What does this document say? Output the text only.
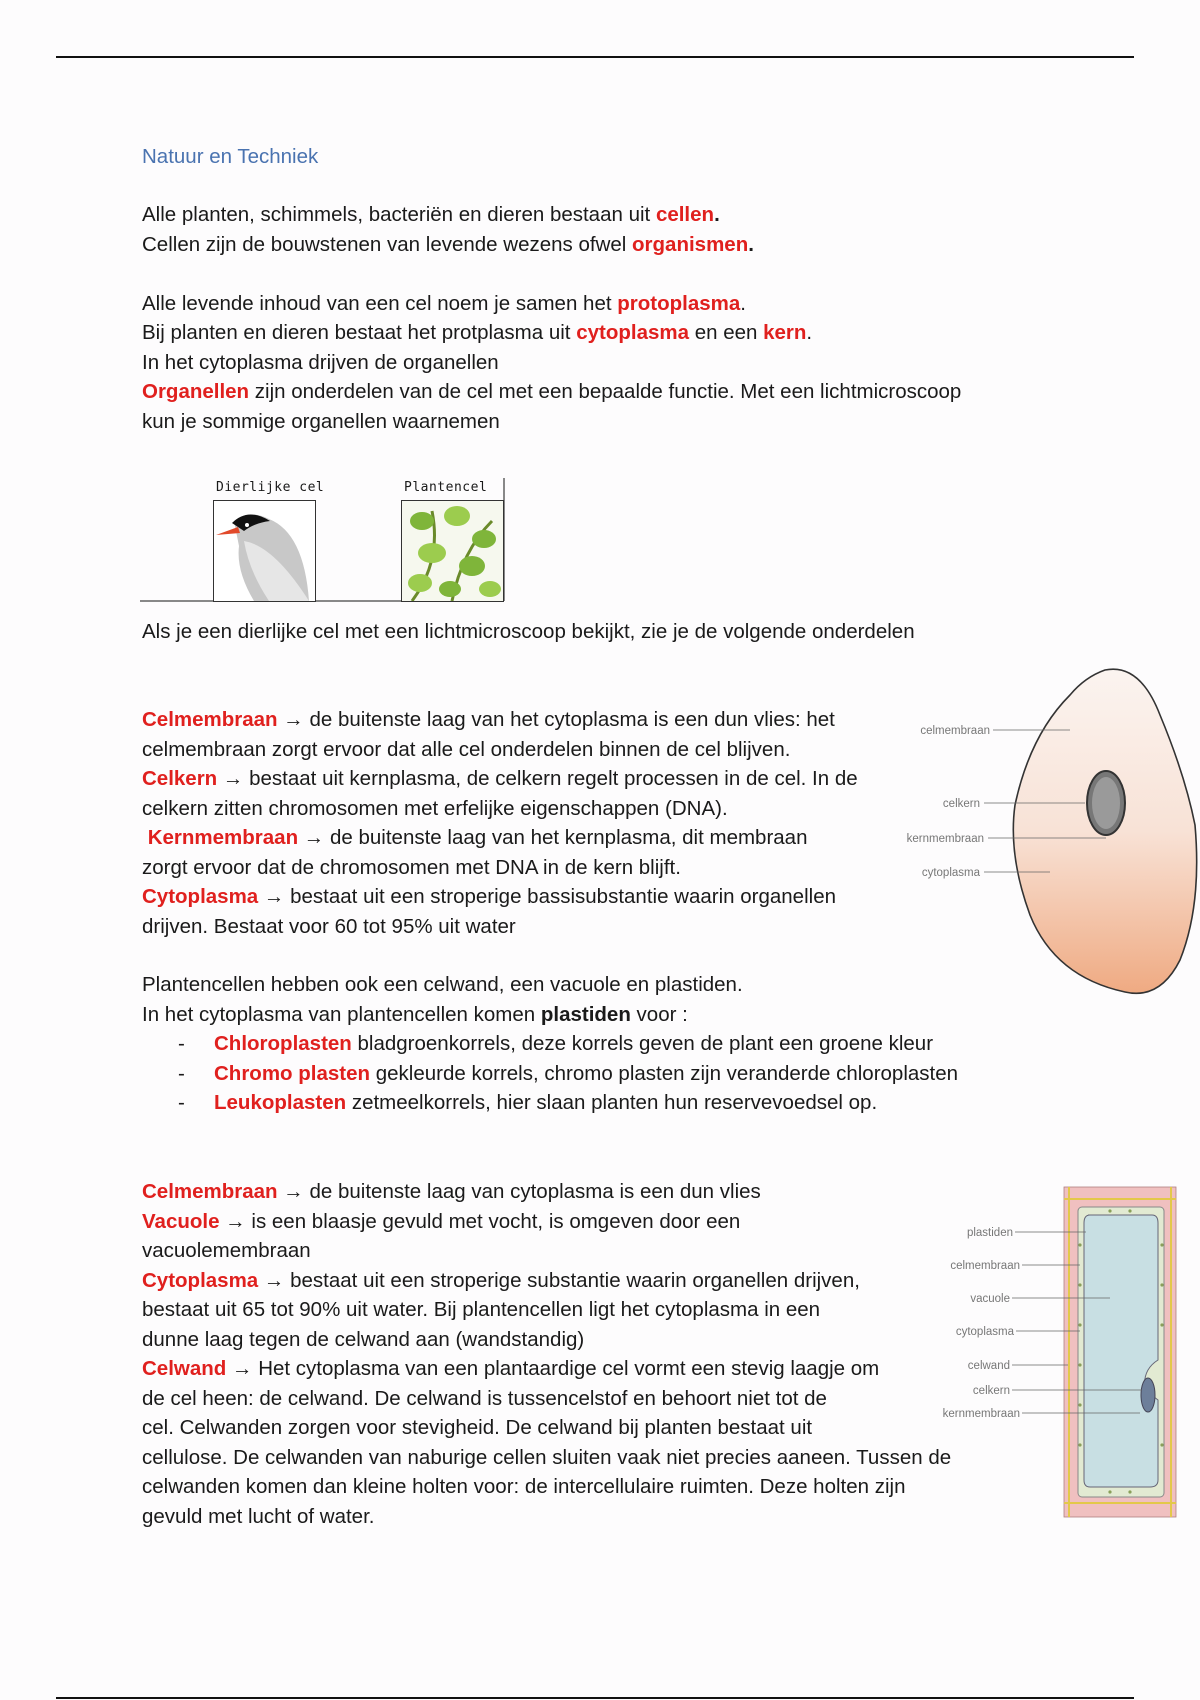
Natuur en Techniek

Alle planten, schimmels, bacteriën en dieren bestaan uit cellen.

Cellen zijn de bouwstenen van levende wezens ofwel organismen.

Alle levende inhoud van een cel noem je samen het protoplasma.

Bij planten en dieren bestaat het protplasma uit cytoplasma en een kern.

In het cytoplasma drijven de organellen

Organellen zijn onderdelen van de cel met een bepaalde functie. Met een lichtmicroscoop

kun je sommige organellen waarnemen

Dierlijke cel	Plantencel
Als je een dierlijke cel met een lichtmicroscoop bekijkt, zie je de volgende onderdelen

Celmembraan → de buitenste laag van het cytoplasma is een dun vlies: het

celmembraan zorgt ervoor dat alle cel onderdelen binnen de cel blijven.

Celkern → bestaat uit kernplasma, de celkern regelt processen in de cel. In de

celkern zitten chromosomen met erfelijke eigenschappen (DNA).

Kernmembraan → de buitenste laag van het kernplasma, dit membraan

zorgt ervoor dat de chromosomen met DNA in de kern blijft.

Cytoplasma → bestaat uit een stroperige bassisubstantie waarin organellen

drijven. Bestaat voor 60 tot 95% uit water

celmembraan
celkern
kernmembraan
cytoplasma

Plantencellen hebben ook een celwand, een vacuole en plastiden.

In het cytoplasma van plantencellen komen plastiden voor :

- Chloroplasten bladgroenkorrels, deze korrels geven de plant een groene kleur
- Chromo plasten gekleurde korrels, chromo plasten zijn veranderde chloroplasten
- Leukoplasten zetmeelkorrels, hier slaan planten hun reservevoedsel op.

Celmembraan → de buitenste laag van cytoplasma is een dun vlies

Vacuole → is een blaasje gevuld met vocht, is omgeven door een

vacuolemembraan

Cytoplasma → bestaat uit een stroperige substantie waarin organellen drijven,

bestaat uit 65 tot 90% uit water. Bij plantencellen ligt het cytoplasma in een

dunne laag tegen de celwand aan (wandstandig)

Celwand → Het cytoplasma van een plantaardige cel vormt een stevig laagje om

de cel heen: de celwand. De celwand is tussencelstof en behoort niet tot de

cel. Celwanden zorgen voor stevigheid. De celwand bij planten bestaat uit

cellulose. De celwanden van naburige cellen sluiten vaak niet precies aaneen. Tussen de

celwanden komen dan kleine holten voor: de intercellulaire ruimten. Deze holten zijn

gevuld met lucht of water.

plastiden
celmembraan
vacuole
cytoplasma
celwand
celkern
kernmembraan
